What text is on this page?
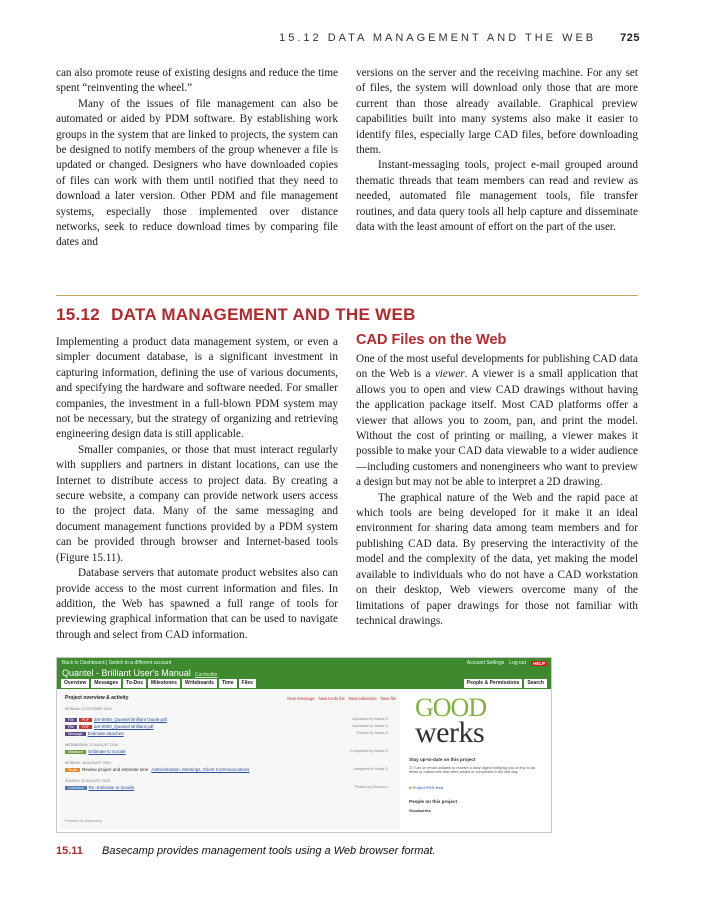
15.12 DATA MANAGEMENT AND THE WEB 725

can also promote reuse of existing designs and reduce the time spent “reinventing the wheel.”

Many of the issues of file management can also be automated or aided by PDM software. By establishing work groups in the system that are linked to projects, the system can be designed to notify members of the group whenever a file is updated or changed. Designers who have downloaded copies of files can work with them until notified that they need to download a later version. Other PDM and file management systems, especially those implemented over distance networks, seek to reduce download times by comparing file dates and

versions on the server and the receiving machine. For any set of files, the system will download only those that are more current than those already available. Graphical preview capabilities built into many systems also make it easier to identify files, especially large CAD files, before downloading them.

Instant-messaging tools, project e-mail grouped around thematic threads that team members can read and review as needed, automated file management tools, file transfer routines, and data query tools all help capture and disseminate data with the least amount of effort on the part of the user.

15.12 DATA MANAGEMENT AND THE WEB

Implementing a product data management system, or even a simpler document database, is a significant investment in capturing information, defining the use of various documents, and specifying the hardware and software needed. For smaller companies, the investment in a full-blown PDM system may not be necessary, but the strategy of organizing and retrieving engineering design data is still applicable.

Smaller companies, or those that must interact regularly with suppliers and partners in distant locations, can use the Internet to distribute access to project data. By creating a secure website, a company can provide network users access to the project data. Many of the same messaging and document management functions provided by a PDM system can be provided through browser and Internet-based tools (Figure 15.11).

Database servers that automate product websites also can provide access to the most current information and files. In addition, the Web has spawned a full range of tools for previewing graphical information that can be used to navigate through and select from CAD information.

CAD Files on the Web

One of the most useful developments for publishing CAD data on the Web is a viewer. A viewer is a small application that allows you to open and view CAD drawings without having the application package itself. Most CAD platforms offer a viewer that allows you to zoom, pan, and print the model. Without the cost of printing or mailing, a viewer makes it possible to make your CAD data viewable to a wider audience—including customers and nonengineers who want to preview a design but may not be able to interpret a 2D drawing.

The graphical nature of the Web and the rapid pace at which tools are being developed for it make it an ideal environment for sharing data among team members and for publishing CAD data. By preserving the interactivity of the model and the complexity of the data, yet making the model available to individuals who do not have a CAD workstation on their desktop, Web viewers overcome many of the limitations of paper drawings for those not familiar with technical drawings.

Back to Dashboard | Switch to a different account	Account Settings Log out	HELP
Quantel - Brilliant User's Manual Cambaltte
Overview	Messages	To-Dos	Milestones	Writeboards	Time	Files	People & Permissions	Search
Project overview & activity	New message New to-do list New milestone New file
MONDAY, 4 OCTOBER 2010
File PDF ant-0500_Quantel Brilliant Guide.pdf	Uploaded by Maria G.
File PDF ant-0500_Quantel Brilliant.pdf	Uploaded by Maria G.
Message Estimate attached	Posted by Maria G.
WEDNESDAY, 22 AUGUST 2010
Milestone Estimate to Goode	Completed by Maria G.
MONDAY, 16 AUGUST 2010
To-do Review project and estimate time Administration, Meetings, Client Communications	Assigned to Maria G.
SUNDAY, 22 AUGUST 2010
Comment Re: Estimate to Goode	Posted by Monica L.
Powered by Basecamp
GOOD
werks
Stay up-to-date on this project
☐ Turn on email updates to receive a daily digest notifying you of any to-do items or milestones that were added or completed in the last day.
■ Project RSS feed
People on this project
Goodwerks
15.11 Basecamp provides management tools using a Web browser format.
